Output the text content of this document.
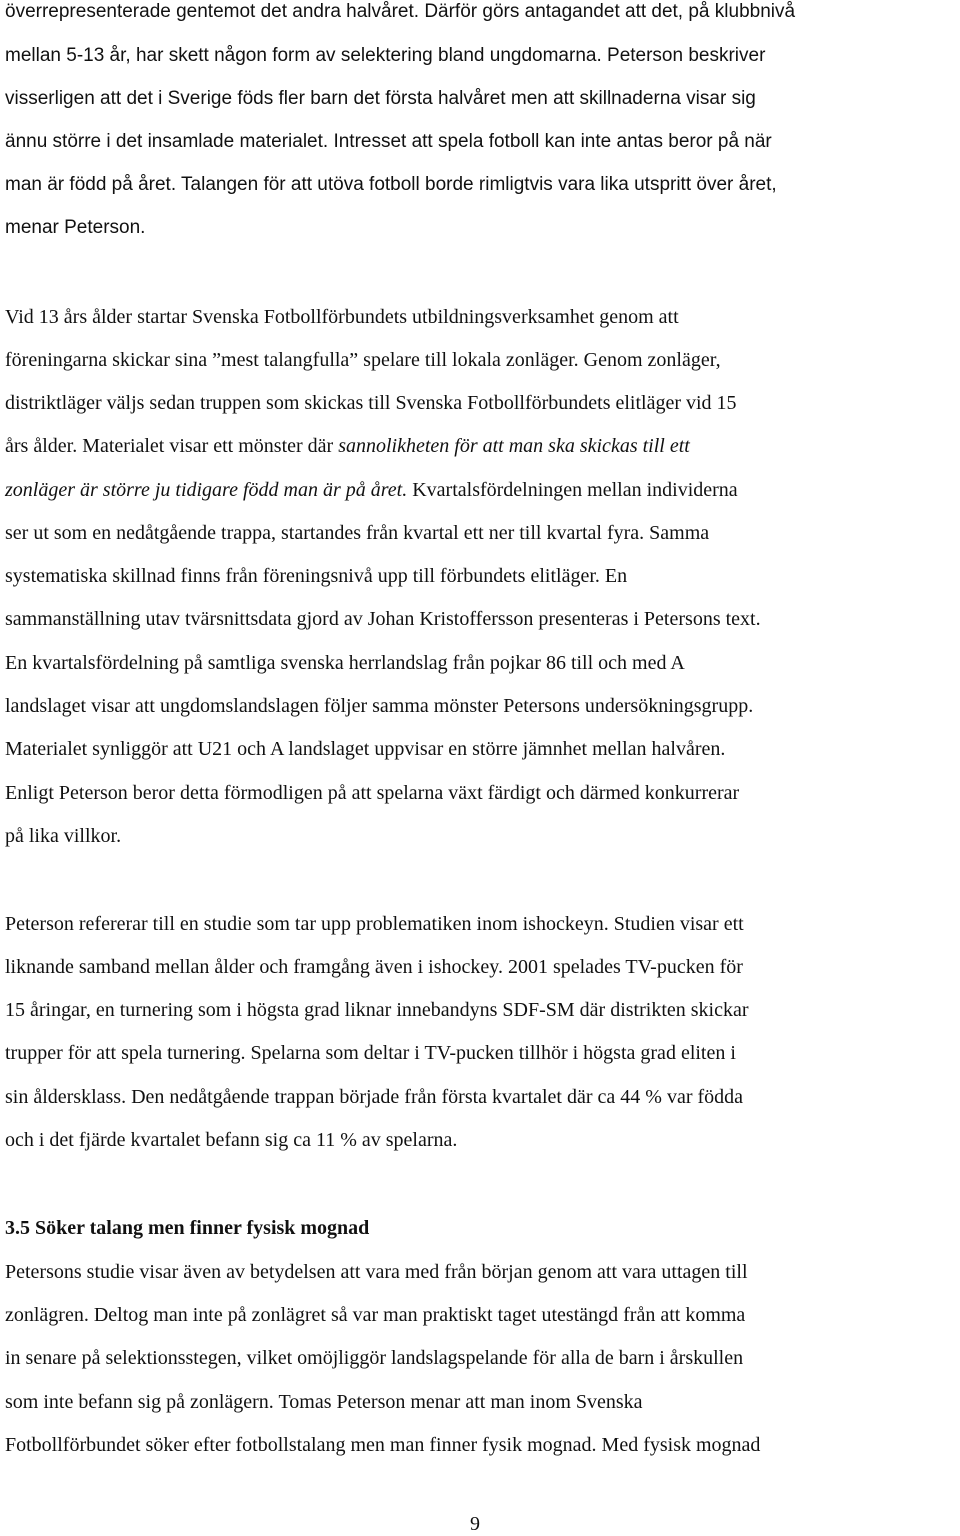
överrepresenterade gentemot det andra halvåret. Därför görs antagandet att det, på klubbnivå
mellan 5-13 år, har skett någon form av selektering bland ungdomarna. Peterson beskriver
visserligen att det i Sverige föds fler barn det första halvåret men att skillnaderna visar sig
ännu större i det insamlade materialet. Intresset att spela fotboll kan inte antas beror på när
man är född på året. Talangen för att utöva fotboll borde rimligtvis vara lika utspritt över året,
menar Peterson.
Vid 13 års ålder startar Svenska Fotbollförbundets utbildningsverksamhet genom att
föreningarna skickar sina ”mest talangfulla” spelare till lokala zonläger. Genom zonläger,
distriktläger väljs sedan truppen som skickas till Svenska Fotbollförbundets elitläger vid 15
års ålder. Materialet visar ett mönster där sannolikheten för att man ska skickas till ett
zonläger är större ju tidigare född man är på året. Kvartalsfördelningen mellan individerna
ser ut som en nedåtgående trappa, startandes från kvartal ett ner till kvartal fyra. Samma
systematiska skillnad finns från föreningsnivå upp till förbundets elitläger. En
sammanställning utav tvärsnittsdata gjord av Johan Kristoffersson presenteras i Petersons text.
En kvartalsfördelning på samtliga svenska herrlandslag från pojkar 86 till och med A
landslaget visar att ungdomslandslagen följer samma mönster Petersons undersökningsgrupp.
Materialet synliggör att U21 och A landslaget uppvisar en större jämnhet mellan halvåren.
Enligt Peterson beror detta förmodligen på att spelarna växt färdigt och därmed konkurrerar
på lika villkor.
Peterson refererar till en studie som tar upp problematiken inom ishockeyn. Studien visar ett
liknande samband mellan ålder och framgång även i ishockey. 2001 spelades TV-pucken för
15 åringar, en turnering som i högsta grad liknar innebandyns SDF-SM där distrikten skickar
trupper för att spela turnering. Spelarna som deltar i TV-pucken tillhör i högsta grad eliten i
sin åldersklass. Den nedåtgående trappan började från första kvartalet där ca 44 % var födda
och i det fjärde kvartalet befann sig ca 11 % av spelarna.
3.5 Söker talang men finner fysisk mognad
Petersons studie visar även av betydelsen att vara med från början genom att vara uttagen till
zonlägren. Deltog man inte på zonlägret så var man praktiskt taget utestängd från att komma
in senare på selektionsstegen, vilket omöjliggör landslagspelande för alla de barn i årskullen
som inte befann sig på zonlägern. Tomas Peterson menar att man inom Svenska
Fotbollförbundet söker efter fotbollstalang men man finner fysik mognad. Med fysisk mognad
9
